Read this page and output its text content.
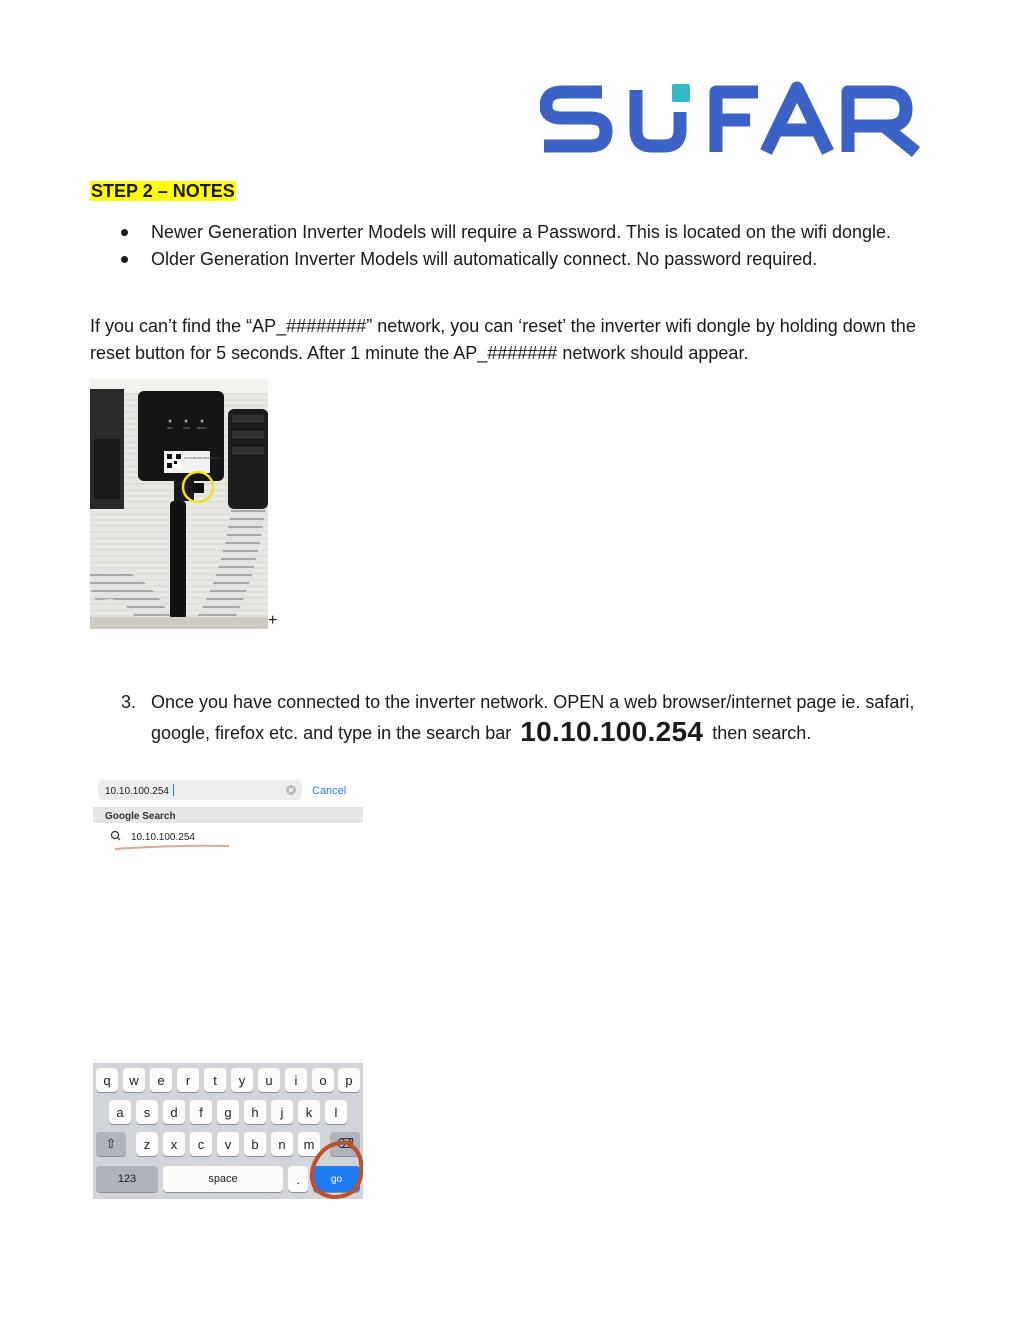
STEP 2 – NOTES
Newer Generation Inverter Models will require a Password. This is located on the wifi dongle.
Older Generation Inverter Models will automatically connect. No password required.

If you can’t find the “AP_########” network, you can ‘reset’ the inverter wifi dongle by holding down the reset button for 5 seconds. After 1 minute the AP_####### network should appear.

NET	COM READY
SN:1234567890 PASS:12345678
+
3. Once you have connected to the inverter network. OPEN a web browser/internet page ie. safari, google, firefox etc. and type in the search bar 10.10.100.254 then search.
10.10.100.254	Cancel
Google Search
10.10.100.254
q	w	e	r	t	y	u	i	o	p
a	s	d	f	g	h	j	k	l
⇧	z	x	c	v	b	n	m	⌫
123	space	.	go
